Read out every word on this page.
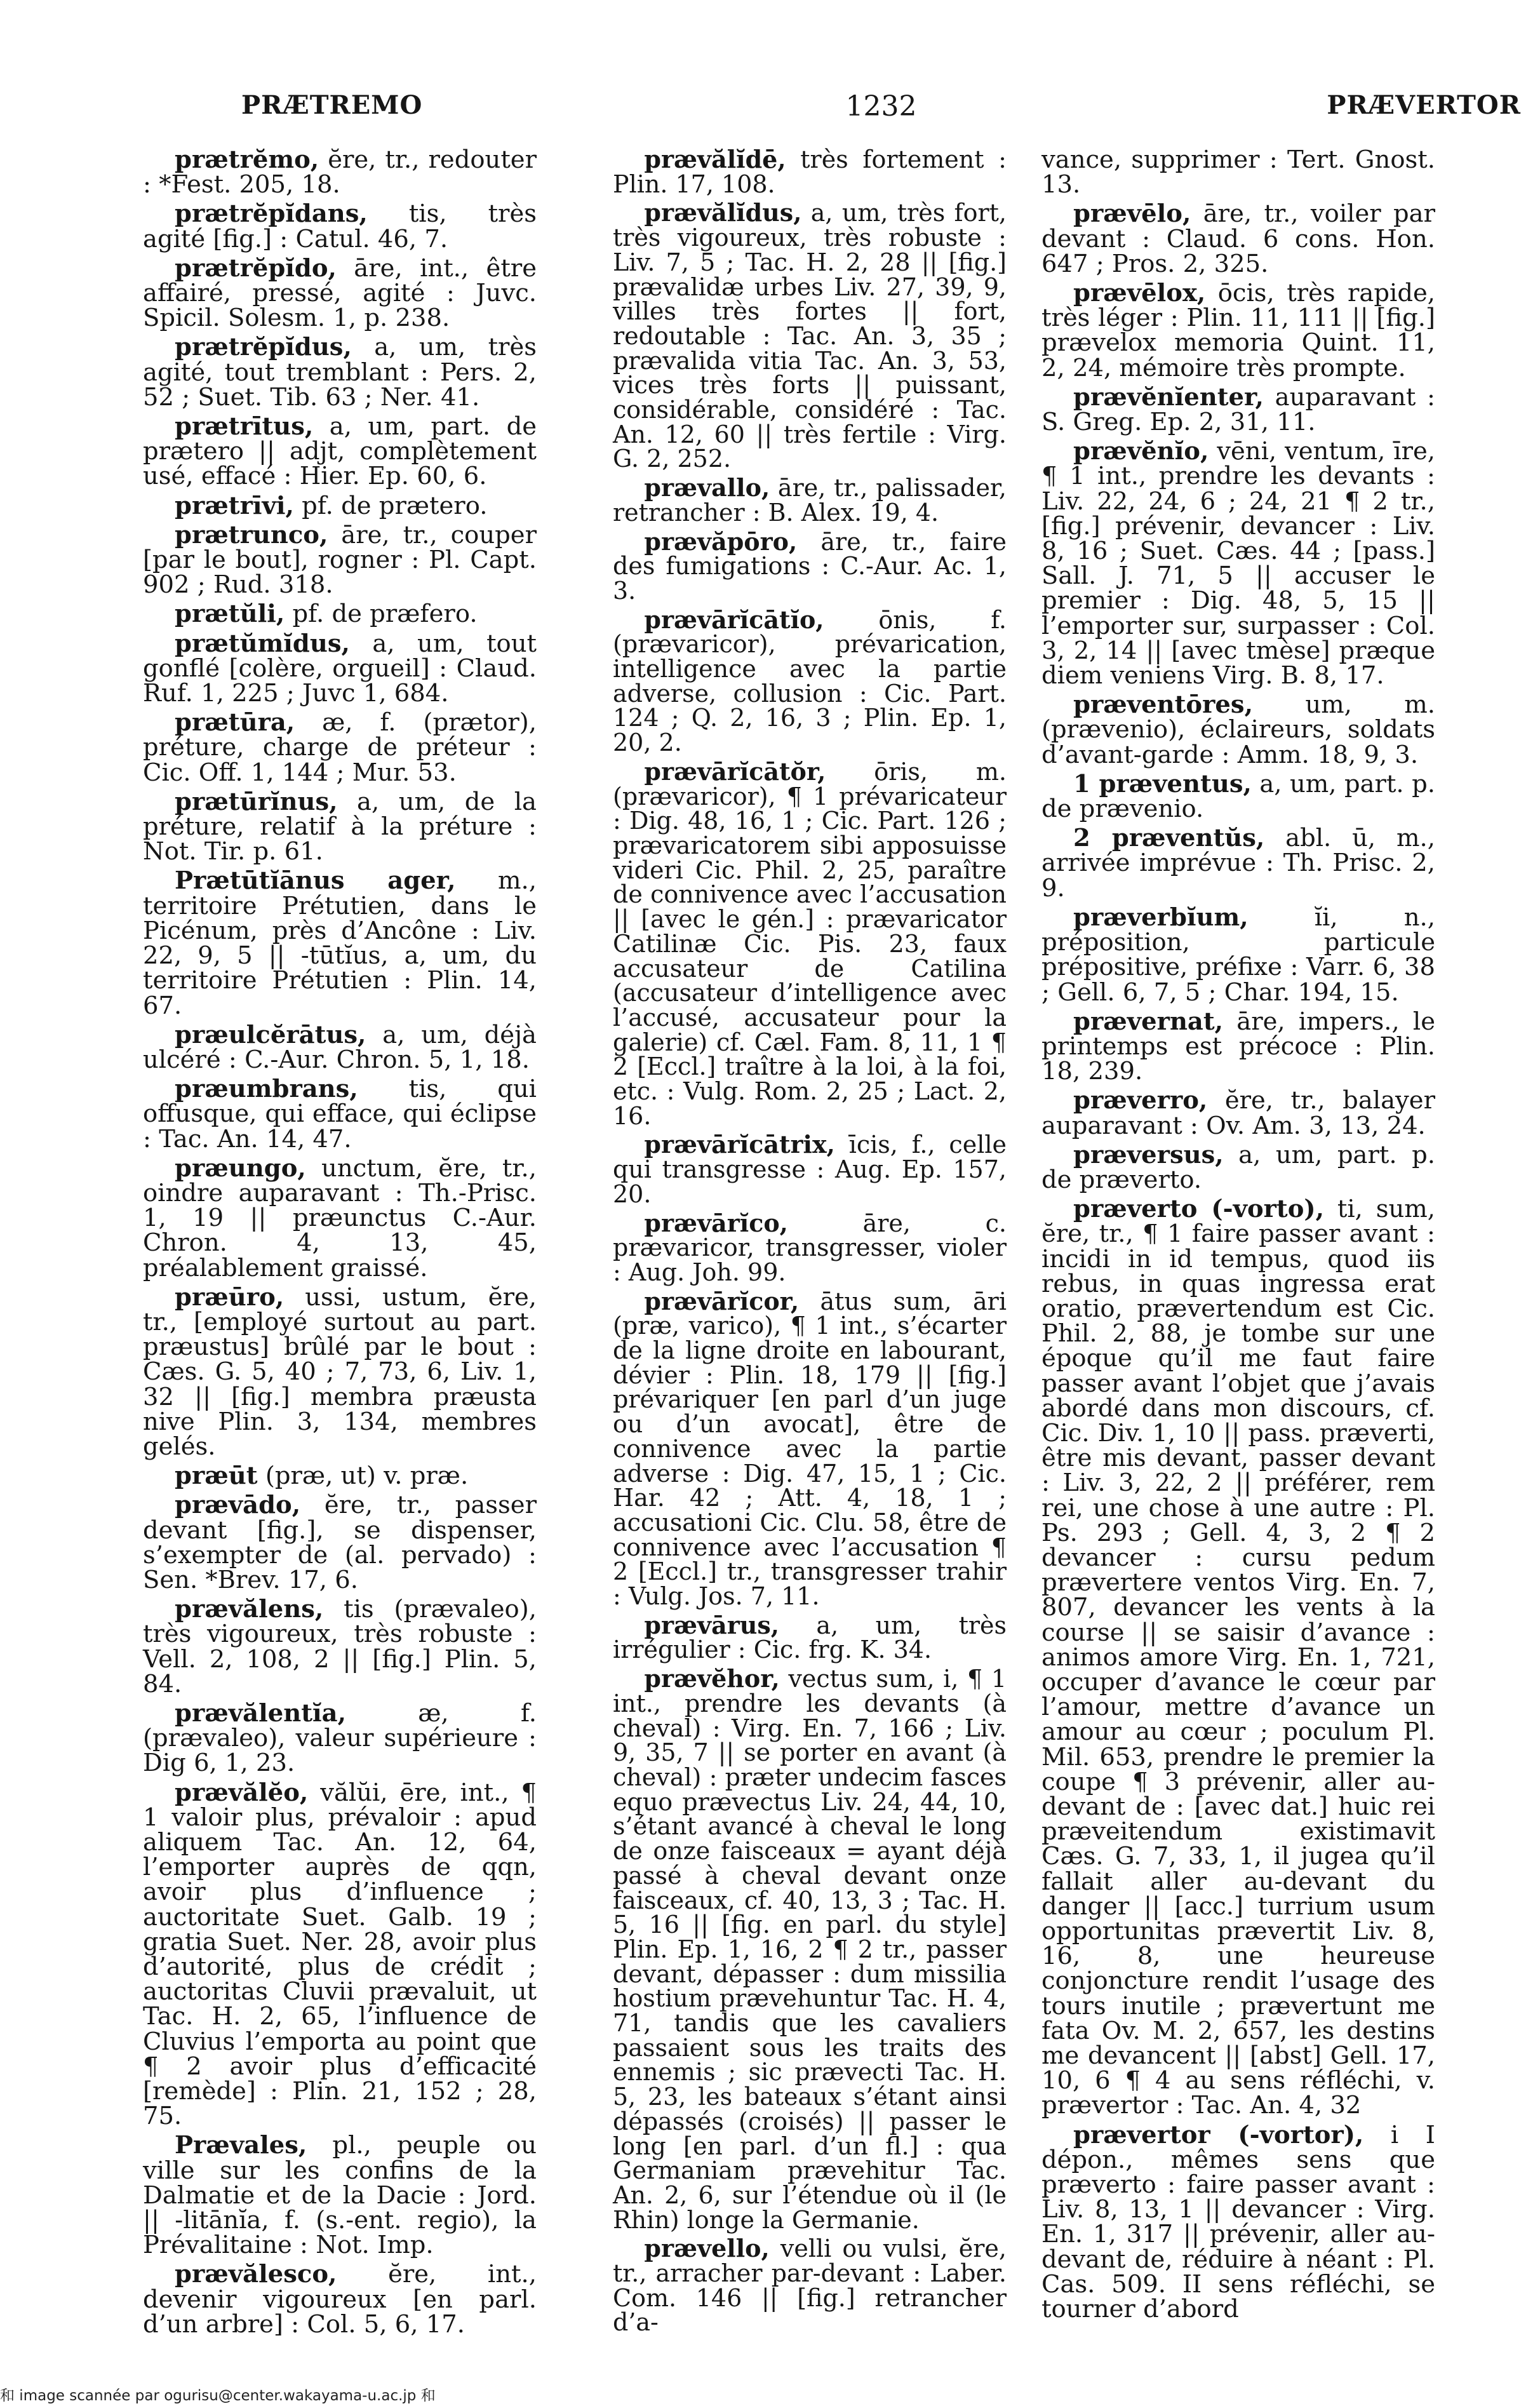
PRÆTREMO	1232	PRÆVERTOR

prætrĕmo, ĕre, tr., redouter : *Fest. 205, 18.

prætrĕpĭdans, tis, très agité [fig.] : Catul. 46, 7.

prætrĕpĭdo, āre, int., être affairé, pressé, agité : Juvc. Spicil. Solesm. 1, p. 238.

prætrĕpĭdus, a, um, très agité, tout tremblant : Pers. 2, 52 ; Suet. Tib. 63 ; Ner. 41.

prætrītus, a, um, part. de prætero || adjt, complètement usé, effacé : Hier. Ep. 60, 6.

prætrīvi, pf. de prætero.

prætrunco, āre, tr., couper [par le bout], rogner : Pl. Capt. 902 ; Rud. 318.

prætŭli, pf. de præfero.

prætŭmĭdus, a, um, tout gonflé [colère, orgueil] : Claud. Ruf. 1, 225 ; Juvc 1, 684.

prætūra, æ, f. (prætor), préture, charge de préteur : Cic. Off. 1, 144 ; Mur. 53.

prætūrĭnus, a, um, de la préture, relatif à la préture : Not. Tir. p. 61.

Prætūtĭānus ager, m., territoire Prétutien, dans le Picénum, près d’Ancône : Liv. 22, 9, 5 || -tūtĭus, a, um, du territoire Prétutien : Plin. 14, 67.

præulcĕrātus, a, um, déjà ulcéré : C.-Aur. Chron. 5, 1, 18.

præumbrans, tis, qui offusque, qui efface, qui éclipse : Tac. An. 14, 47.

præungo, unctum, ĕre, tr., oindre auparavant : Th.-Prisc. 1, 19 || præunctus C.-Aur. Chron. 4, 13, 45, préalablement graissé.

præūro, ussi, ustum, ĕre, tr., [employé surtout au part. præustus] brûlé par le bout : Cæs. G. 5, 40 ; 7, 73, 6, Liv. 1, 32 || [fig.] membra præusta nive Plin. 3, 134, membres gelés.

præūt (præ, ut) v. præ.

prævādo, ĕre, tr., passer devant [fig.], se dispenser, s’exempter de (al. pervado) : Sen. *Brev. 17, 6.

prævălens, tis (prævaleo), très vigoureux, très robuste : Vell. 2, 108, 2 || [fig.] Plin. 5, 84.

prævălentĭa, æ, f. (prævaleo), valeur supérieure : Dig 6, 1, 23.

prævălĕo, vălŭi, ēre, int., ¶ 1 valoir plus, prévaloir : apud aliquem Tac. An. 12, 64, l’emporter auprès de qqn, avoir plus d’influence ; auctoritate Suet. Galb. 19 ; gratia Suet. Ner. 28, avoir plus d’autorité, plus de crédit ; auctoritas Cluvii prævaluit, ut Tac. H. 2, 65, l’influence de Cluvius l’emporta au point que ¶ 2 avoir plus d’efficacité [remède] : Plin. 21, 152 ; 28, 75.

Prævales, pl., peuple ou ville sur les confins de la Dalmatie et de la Dacie : Jord. || -litānĭa, f. (s.-ent. regio), la Prévalitaine : Not. Imp.

prævălesco, ĕre, int., devenir vigoureux [en parl. d’un arbre] : Col. 5, 6, 17.

prævălĭdē, très fortement : Plin. 17, 108.

prævălĭdus, a, um, très fort, très vigoureux, très robuste : Liv. 7, 5 ; Tac. H. 2, 28 || [fig.] prævalidæ urbes Liv. 27, 39, 9, villes très fortes || fort, redoutable : Tac. An. 3, 35 ; prævalida vitia Tac. An. 3, 53, vices très forts || puissant, considérable, considéré : Tac. An. 12, 60 || très fertile : Virg. G. 2, 252.

prævallo, āre, tr., palissader, retrancher : B. Alex. 19, 4.

prævăpōro, āre, tr., faire des fumigations : C.-Aur. Ac. 1, 3.

prævārĭcātĭo, ōnis, f. (prævaricor), prévarication, intelligence avec la partie adverse, collusion : Cic. Part. 124 ; Q. 2, 16, 3 ; Plin. Ep. 1, 20, 2.

prævārĭcātŏr, ōris, m. (prævaricor), ¶ 1 prévaricateur : Dig. 48, 16, 1 ; Cic. Part. 126 ; prævaricatorem sibi apposuisse videri Cic. Phil. 2, 25, paraître de connivence avec l’accusation || [avec le gén.] : prævaricator Catilinæ Cic. Pis. 23, faux accusateur de Catilina (accusateur d’intelligence avec l’accusé, accusateur pour la galerie) cf. Cæl. Fam. 8, 11, 1 ¶ 2 [Eccl.] traître à la loi, à la foi, etc. : Vulg. Rom. 2, 25 ; Lact. 2, 16.

prævārĭcātrix, īcis, f., celle qui transgresse : Aug. Ep. 157, 20.

prævārĭco, āre, c. prævaricor, transgresser, violer : Aug. Joh. 99.

prævārĭcor, ātus sum, āri (præ, varico), ¶ 1 int., s’écarter de la ligne droite en labourant, dévier : Plin. 18, 179 || [fig.] prévariquer [en parl d’un juge ou d’un avocat], être de connivence avec la partie adverse : Dig. 47, 15, 1 ; Cic. Har. 42 ; Att. 4, 18, 1 ; accusationi Cic. Clu. 58, être de connivence avec l’accusation ¶ 2 [Eccl.] tr., transgresser trahir : Vulg. Jos. 7, 11.

prævārus, a, um, très irrégulier : Cic. frg. K. 34.

prævĕhor, vectus sum, i, ¶ 1 int., prendre les devants (à cheval) : Virg. En. 7, 166 ; Liv. 9, 35, 7 || se porter en avant (à cheval) : præter undecim fasces equo prævectus Liv. 24, 44, 10, s’étant avancé à cheval le long de onze faisceaux = ayant déjà passé à cheval devant onze faisceaux, cf. 40, 13, 3 ; Tac. H. 5, 16 || [fig. en parl. du style] Plin. Ep. 1, 16, 2 ¶ 2 tr., passer devant, dépasser : dum missilia hostium prævehuntur Tac. H. 4, 71, tandis que les cavaliers passaient sous les traits des ennemis ; sic prævecti Tac. H. 5, 23, les bateaux s’étant ainsi dépassés (croisés) || passer le long [en parl. d’un fl.] : qua Germaniam prævehitur Tac. An. 2, 6, sur l’étendue où il (le Rhin) longe la Germanie.

prævello, velli ou vulsi, ĕre, tr., arracher par-devant : Laber. Com. 146 || [fig.] retrancher d’a-

vance, supprimer : Tert. Gnost. 13.

prævēlo, āre, tr., voiler par devant : Claud. 6 cons. Hon. 647 ; Pros. 2, 325.

prævēlox, ōcis, très rapide, très léger : Plin. 11, 111 || [fig.] prævelox memoria Quint. 11, 2, 24, mémoire très prompte.

prævĕnĭenter, auparavant : S. Greg. Ep. 2, 31, 11.

prævĕnĭo, vēni, ventum, īre, ¶ 1 int., prendre les devants : Liv. 22, 24, 6 ; 24, 21 ¶ 2 tr., [fig.] prévenir, devancer : Liv. 8, 16 ; Suet. Cæs. 44 ; [pass.] Sall. J. 71, 5 || accuser le premier : Dig. 48, 5, 15 || l’emporter sur, surpasser : Col. 3, 2, 14 || [avec tmèse] præque diem veniens Virg. B. 8, 17.

præventōres, um, m. (prævenio), éclaireurs, soldats d’avant-garde : Amm. 18, 9, 3.

1 præventus, a, um, part. p. de prævenio.

2 præventŭs, abl. ū, m., arrivée imprévue : Th. Prisc. 2, 9.

præverbĭum, ĭi, n., préposition, particule prépositive, préfixe : Varr. 6, 38 ; Gell. 6, 7, 5 ; Char. 194, 15.

prævernat, āre, impers., le printemps est précoce : Plin. 18, 239.

præverro, ĕre, tr., balayer auparavant : Ov. Am. 3, 13, 24.

præversus, a, um, part. p. de præverto.

præverto (-vorto), ti, sum, ĕre, tr., ¶ 1 faire passer avant : incidi in id tempus, quod iis rebus, in quas ingressa erat oratio, prævertendum est Cic. Phil. 2, 88, je tombe sur une époque qu’il me faut faire passer avant l’objet que j’avais abordé dans mon discours, cf. Cic. Div. 1, 10 || pass. præverti, être mis devant, passer devant : Liv. 3, 22, 2 || préférer, rem rei, une chose à une autre : Pl. Ps. 293 ; Gell. 4, 3, 2 ¶ 2 devancer : cursu pedum prævertere ventos Virg. En. 7, 807, devancer les vents à la course || se saisir d’avance : animos amore Virg. En. 1, 721, occuper d’avance le cœur par l’amour, mettre d’avance un amour au cœur ; poculum Pl. Mil. 653, prendre le premier la coupe ¶ 3 prévenir, aller au-devant de : [avec dat.] huic rei præveitendum existimavit Cæs. G. 7, 33, 1, il jugea qu’il fallait aller au-devant du danger || [acc.] turrium usum opportunitas prævertit Liv. 8, 16, 8, une heureuse conjoncture rendit l’usage des tours inutile ; prævertunt me fata Ov. M. 2, 657, les destins me devancent || [abst] Gell. 17, 10, 6 ¶ 4 au sens réfléchi, v. prævertor : Tac. An. 4, 32

prævertor (-vortor), i I dépon., mêmes sens que præverto : faire passer avant : Liv. 8, 13, 1 || devancer : Virg. En. 1, 317 || prévenir, aller au-devant de, réduire à néant : Pl. Cas. 509. II sens réfléchi, se tourner d’abord

和 image scannée par ogurisu@center.wakayama-u.ac.jp 和
